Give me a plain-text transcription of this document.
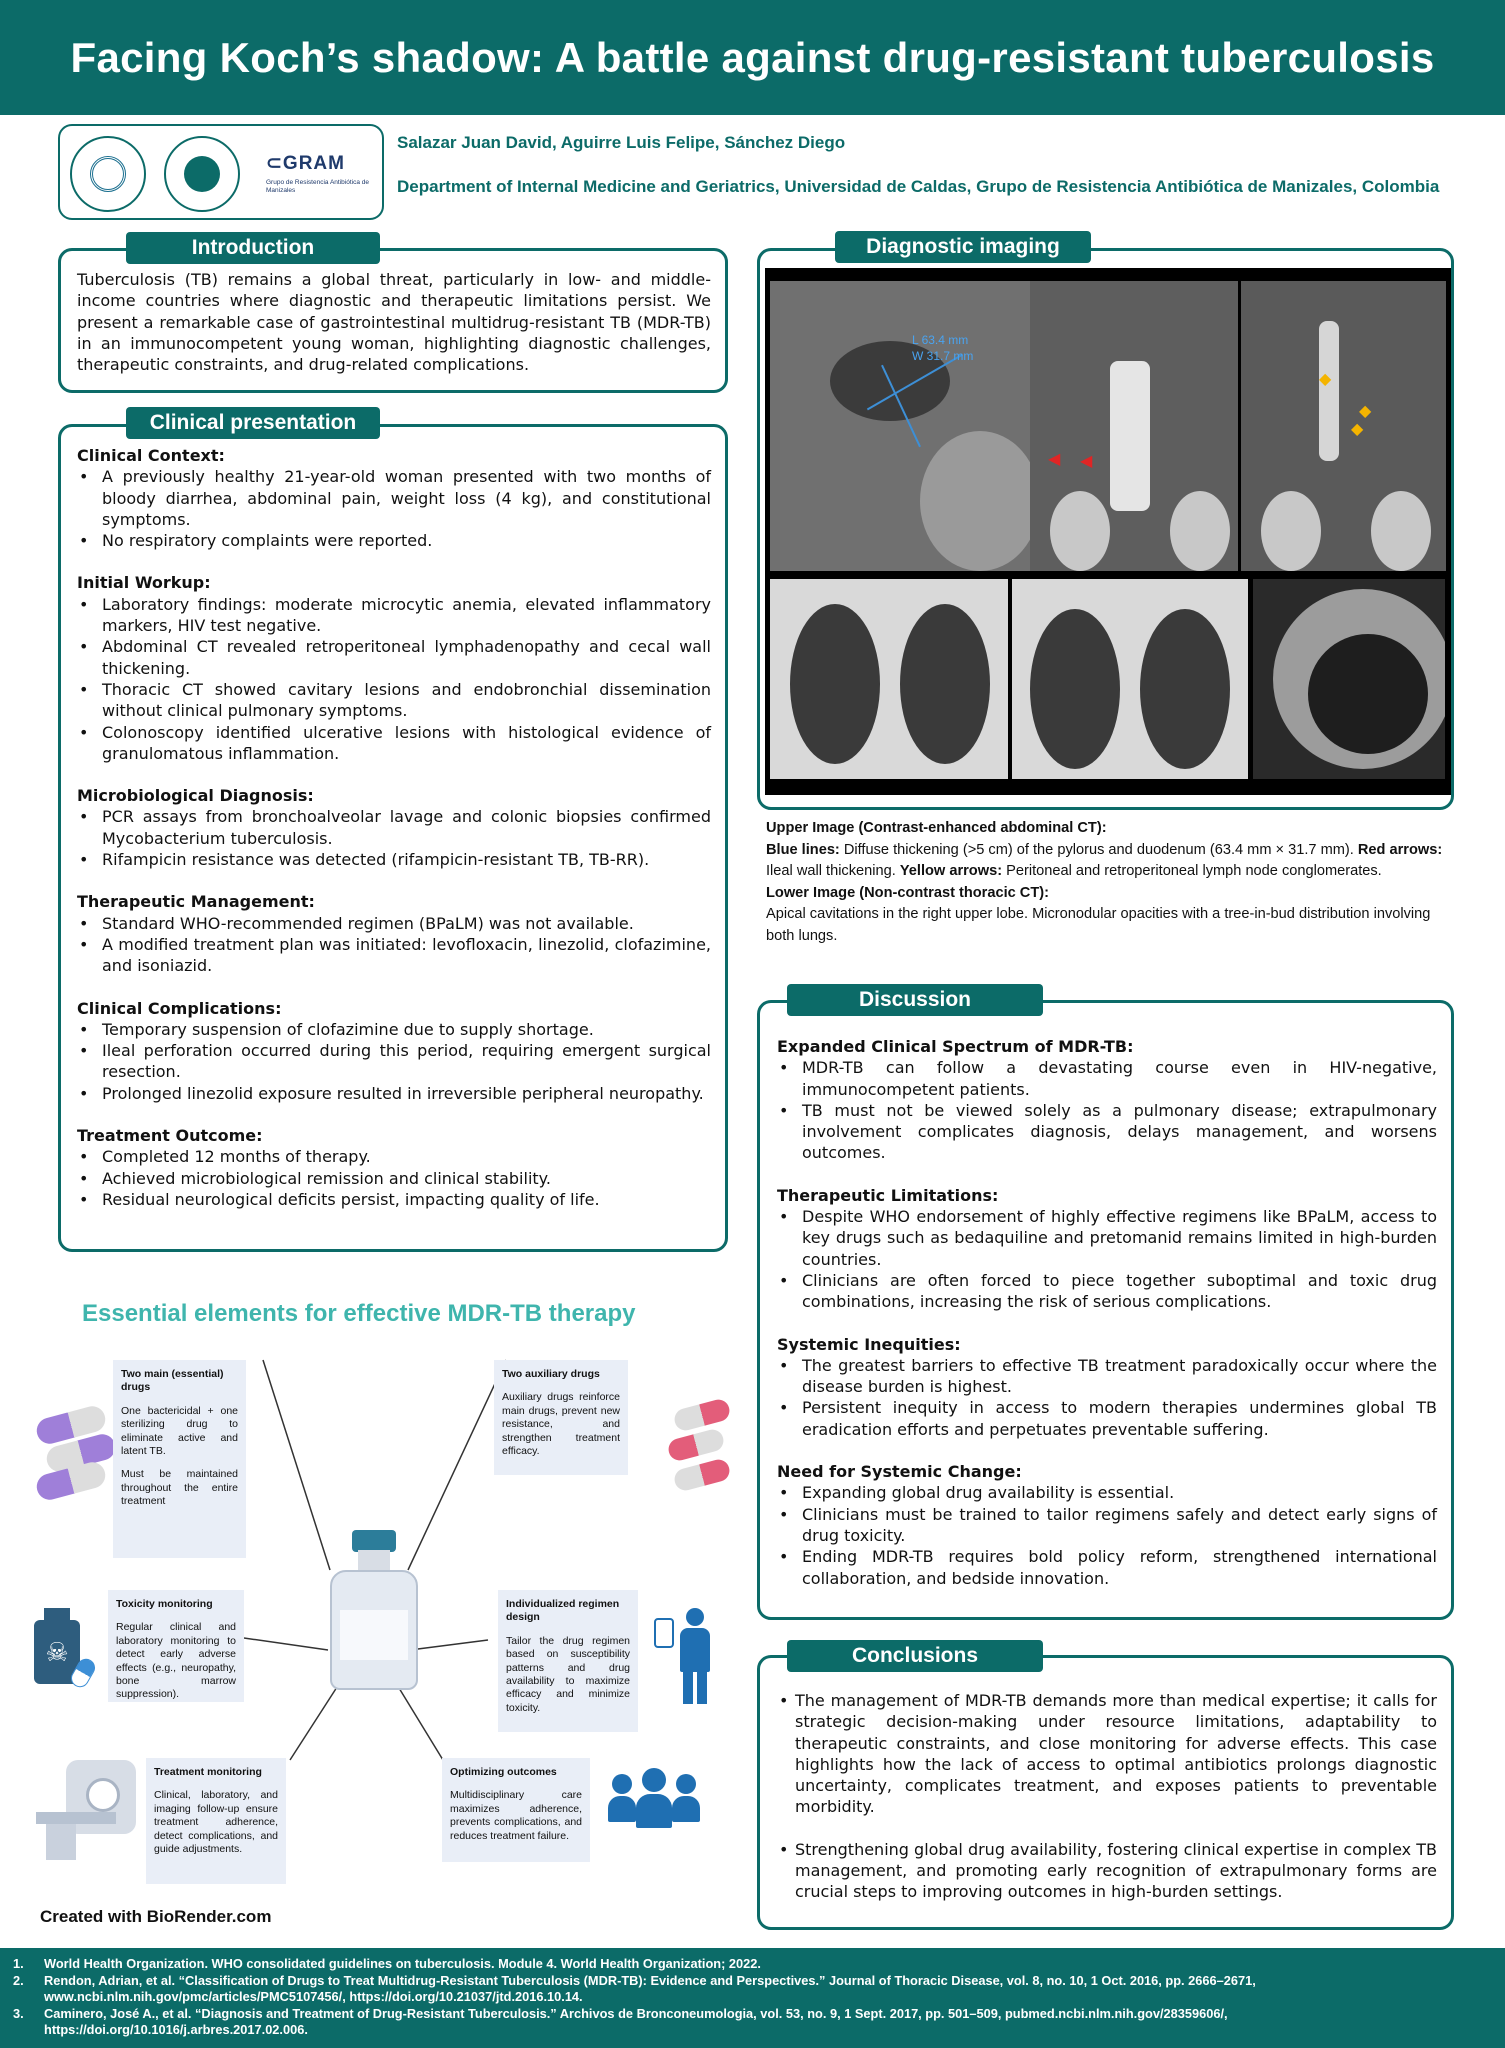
Facing Koch’s shadow: A battle against drug-resistant tuberculosis
⊂GRAM
Grupo de Resistencia Antibiótica de Manizales
Salazar Juan David, Aguirre Luis Felipe, Sánchez Diego
Department of Internal Medicine and Geriatrics, Universidad de Caldas, Grupo de Resistencia Antibiótica de Manizales, Colombia
Tuberculosis (TB) remains a global threat, particularly in low- and middle-income countries where diagnostic and therapeutic limitations persist. We present a remarkable case of gastrointestinal multidrug-resistant TB (MDR-TB) in an immunocompetent young woman, highlighting diagnostic challenges, therapeutic constraints, and drug-related complications.
Introduction
Clinical Context:
• A previously healthy 21-year-old woman presented with two months of bloody diarrhea, abdominal pain, weight loss (4 kg), and constitutional symptoms.
• No respiratory complaints were reported.
Initial Workup:
• Laboratory findings: moderate microcytic anemia, elevated inflammatory markers, HIV test negative.
• Abdominal CT revealed retroperitoneal lymphadenopathy and cecal wall thickening.
• Thoracic CT showed cavitary lesions and endobronchial dissemination without clinical pulmonary symptoms.
• Colonoscopy identified ulcerative lesions with histological evidence of granulomatous inflammation.
Microbiological Diagnosis:
• PCR assays from bronchoalveolar lavage and colonic biopsies confirmed Mycobacterium tuberculosis.
• Rifampicin resistance was detected (rifampicin-resistant TB, TB-RR).
Therapeutic Management:
• Standard WHO-recommended regimen (BPaLM) was not available.
• A modified treatment plan was initiated: levofloxacin, linezolid, clofazimine, and isoniazid.
Clinical Complications:
• Temporary suspension of clofazimine due to supply shortage.
• Ileal perforation occurred during this period, requiring emergent surgical resection.
• Prolonged linezolid exposure resulted in irreversible peripheral neuropathy.
Treatment Outcome:
• Completed 12 months of therapy.
• Achieved microbiological remission and clinical stability.
• Residual neurological deficits persist, impacting quality of life.
Clinical presentation
Diagnostic imaging
L 63.4 mm
W 31.7 mm
◀ ◀
◆
◆
◆
Upper Image (Contrast-enhanced abdominal CT):
Blue lines: Diffuse thickening (>5 cm) of the pylorus and duodenum (63.4 mm × 31.7 mm). Red arrows: Ileal wall thickening. Yellow arrows: Peritoneal and retroperitoneal lymph node conglomerates.
Lower Image (Non-contrast thoracic CT):
Apical cavitations in the right upper lobe. Micronodular opacities with a tree-in-bud distribution involving both lungs.
Essential elements for effective MDR-TB therapy
Two main (essential) drugs
One bactericidal + one sterilizing drug to eliminate active and latent TB.
Must be maintained throughout the entire treatment
Two auxiliary drugs
Auxiliary drugs reinforce main drugs, prevent new resistance, and strengthen treatment efficacy.
Toxicity monitoring
Regular clinical and laboratory monitoring to detect early adverse effects (e.g., neuropathy, bone marrow suppression).
Individualized regimen design
Tailor the drug regimen based on susceptibility patterns and drug availability to maximize efficacy and minimize toxicity.
Treatment monitoring
Clinical, laboratory, and imaging follow-up ensure treatment adherence, detect complications, and guide adjustments.
Optimizing outcomes
Multidisciplinary care maximizes adherence, prevents complications, and reduces treatment failure.
☠
Created with BioRender.com
Expanded Clinical Spectrum of MDR-TB:
• MDR-TB can follow a devastating course even in HIV-negative, immunocompetent patients.
• TB must not be viewed solely as a pulmonary disease; extrapulmonary involvement complicates diagnosis, delays management, and worsens outcomes.
Therapeutic Limitations:
• Despite WHO endorsement of highly effective regimens like BPaLM, access to key drugs such as bedaquiline and pretomanid remains limited in high-burden countries.
• Clinicians are often forced to piece together suboptimal and toxic drug combinations, increasing the risk of serious complications.
Systemic Inequities:
• The greatest barriers to effective TB treatment paradoxically occur where the disease burden is highest.
• Persistent inequity in access to modern therapies undermines global TB eradication efforts and perpetuates preventable suffering.
Need for Systemic Change:
• Expanding global drug availability is essential.
• Clinicians must be trained to tailor regimens safely and detect early signs of drug toxicity.
• Ending MDR-TB requires bold policy reform, strengthened international collaboration, and bedside innovation.
Discussion
• The management of MDR-TB demands more than medical expertise; it calls for strategic decision-making under resource limitations, adaptability to therapeutic constraints, and close monitoring for adverse effects. This case highlights how the lack of access to optimal antibiotics prolongs diagnostic uncertainty, complicates treatment, and exposes patients to preventable morbidity.
• Strengthening global drug availability, fostering clinical expertise in complex TB management, and promoting early recognition of extrapulmonary forms are crucial steps to improving outcomes in high-burden settings.
Conclusions
1. World Health Organization. WHO consolidated guidelines on tuberculosis. Module 4. World Health Organization; 2022.
2. Rendon, Adrian, et al. “Classification of Drugs to Treat Multidrug-Resistant Tuberculosis (MDR-TB): Evidence and Perspectives.” Journal of Thoracic Disease, vol. 8, no. 10, 1 Oct. 2016, pp. 2666–2671, www.ncbi.nlm.nih.gov/pmc/articles/PMC5107456/, https://doi.org/10.21037/jtd.2016.10.14.
3. Caminero, José A., et al. “Diagnosis and Treatment of Drug-Resistant Tuberculosis.” Archivos de Bronconeumologia, vol. 53, no. 9, 1 Sept. 2017, pp. 501–509, pubmed.ncbi.nlm.nih.gov/28359606/, https://doi.org/10.1016/j.arbres.2017.02.006.
